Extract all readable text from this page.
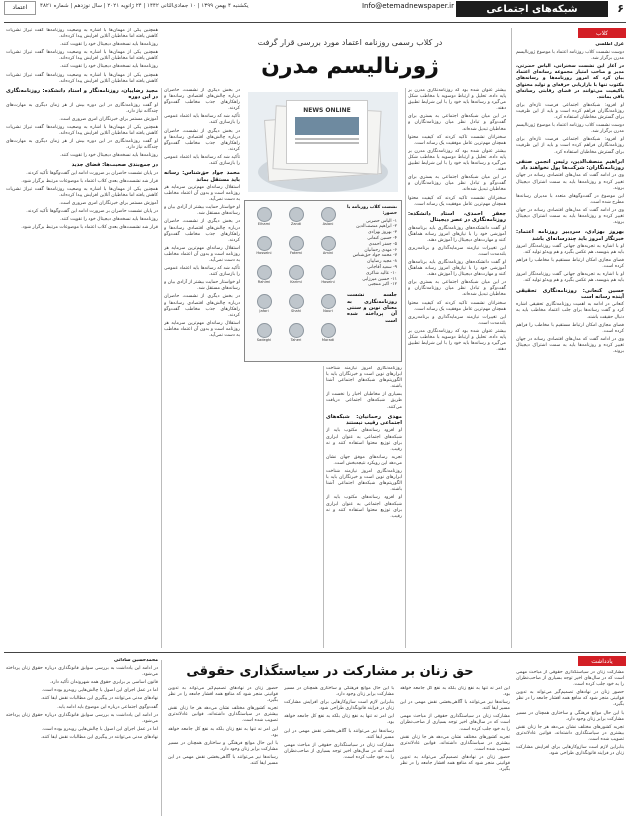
۶
شبکه‌های اجتماعی
Info@etemadnewspaper.ir
یکشنبه ۴ بهمن ۱۳۹۹ | ۱۰ جمادی‌الثانی ۱۴۴۲ | ۲۴ ژانویه ۲۰۲۱ | سال نوزدهم | شماره ۴۸۲۱
اعتماد
کلاب

غزل اطلسی

دوست نشست کلاب روزنامه اعتماد با موضوع ژورنالیسم مدرن برگزار شد.

در آغاز این نشست سخنرانی، الیاس حضرتی، مدیر و صاحب امتیاز مجموعه رسانه‌ای اعتماد بیان کرد که امروز روزنامه‌ها و رسانه‌های مکتوب تنها با بازاریابی حرفه‌ای و تولید محتوای باکیفیت می‌توانند در فضای رقابتی رسانه‌ای باقی بمانند.

او افزود: شبکه‌های اجتماعی فرصت تازه‌ای برای روزنامه‌نگاران فراهم کرده است و باید از این ظرفیت برای گسترش مخاطبان استفاده کرد.

دوست نشست کلاب روزنامه اعتماد با موضوع ژورنالیسم مدرن برگزار شد.

او افزود: شبکه‌های اجتماعی فرصت تازه‌ای برای روزنامه‌نگاران فراهم کرده است و باید از این ظرفیت برای گسترش مخاطبان استفاده کرد.

ابراهیم منصف‌الدین، رئیس انجمن صنفی روزنامه‌نگاران: شرکت‌ها پول نخواهند داد

وی در ادامه گفت که مدل‌های اقتصادی رسانه در جهان تغییر کرده و روزنامه‌ها باید به سمت اشتراک دیجیتال بروند.

این موضوع در گفت‌وگوهای متعدد با مدیران رسانه‌ها مطرح شده است.

وی در ادامه گفت که مدل‌های اقتصادی رسانه در جهان تغییر کرده و روزنامه‌ها باید به سمت اشتراک دیجیتال بروند.

بهروز بهزادی، سردبیر روزنامه اعتماد: خبرنگار امروز باید چندرسانه‌ای باشد

او با اشاره به تجربه‌های جهانی گفت روزنامه‌نگار امروز باید هم بنویسد، هم عکس بگیرد و هم ویدئو تولید کند.

فضای مجازی امکان ارتباط مستقیم با مخاطب را فراهم کرده است.

او با اشاره به تجربه‌های جهانی گفت روزنامه‌نگار امروز باید هم بنویسد، هم عکس بگیرد و هم ویدئو تولید کند.

حسین کنعانی: روزنامه‌نگاری تحقیقی آینده رسانه است

کنعانی در ادامه به اهمیت روزنامه‌نگاری تحقیقی اشاره کرد و گفت رسانه‌ها برای جلب اعتماد مخاطب باید به دنبال حقیقت باشند.

فضای مجازی امکان ارتباط مستقیم با مخاطب را فراهم کرده است.

وی در ادامه گفت که مدل‌های اقتصادی رسانه در جهان تغییر کرده و روزنامه‌ها باید به سمت اشتراک دیجیتال بروند.

در کلاب رسمی روزنامه اعتماد مورد بررسی قرار گرفت
ژورنالیسم مدرن
NEWS ONLINE

بیشتر عنوان شده بود که روزنامه‌نگاری مدرن بر پایه داده، تحلیل و ارتباط دوسویه با مخاطب شکل می‌گیرد و رسانه‌ها باید خود را با این شرایط تطبیق دهند.

در این میان شبکه‌های اجتماعی به بستری برای گفت‌وگو و تبادل نظر میان روزنامه‌نگاران و مخاطبان تبدیل شده‌اند.

سخنرانان نشست تاکید کردند که کیفیت محتوا همچنان مهم‌ترین عامل موفقیت یک رسانه است.

بیشتر عنوان شده بود که روزنامه‌نگاری مدرن بر پایه داده، تحلیل و ارتباط دوسویه با مخاطب شکل می‌گیرد و رسانه‌ها باید خود را با این شرایط تطبیق دهند.

در این میان شبکه‌های اجتماعی به بستری برای گفت‌وگو و تبادل نظر میان روزنامه‌نگاران و مخاطبان تبدیل شده‌اند.

سخنرانان نشست تاکید کردند که کیفیت محتوا همچنان مهم‌ترین عامل موفقیت یک رسانه است.

جعفر احمدی، استاد دانشکده: روزنامه‌نگاری در عصر دیجیتال

او گفت دانشکده‌های روزنامه‌نگاری باید برنامه‌های آموزشی خود را با نیازهای امروز رسانه هماهنگ کنند و مهارت‌های دیجیتال را آموزش دهند.

این تغییرات نیازمند سرمایه‌گذاری و برنامه‌ریزی بلندمدت است.

او گفت دانشکده‌های روزنامه‌نگاری باید برنامه‌های آموزشی خود را با نیازهای امروز رسانه هماهنگ کنند و مهارت‌های دیجیتال را آموزش دهند.

در این میان شبکه‌های اجتماعی به بستری برای گفت‌وگو و تبادل نظر میان روزنامه‌نگاران و مخاطبان تبدیل شده‌اند.

سخنرانان نشست تاکید کردند که کیفیت محتوا همچنان مهم‌ترین عامل موفقیت یک رسانه است.

این تغییرات نیازمند سرمایه‌گذاری و برنامه‌ریزی بلندمدت است.

بیشتر عنوان شده بود که روزنامه‌نگاری مدرن بر پایه داده، تحلیل و ارتباط دوسویه با مخاطب شکل می‌گیرد و رسانه‌ها باید خود را با این شرایط تطبیق دهند.

نشست کلاب روزنامه با حضور:

۱- الیاس حضرتی
۲- ابراهیم منصف‌الدین
۳- بهروز بهزادی
۴- حسین کنعانی
۵- جعفر احمدی
۶- مهدی رحمانیان
۷- محمد جواد حق‌شناس
۸- مجید رضاییان
۹- سعید آقاجانی
۱۰- عالیه شاکری
۱۱- حسین میرزایی
۱۲- اکبر منتجبی
جلسه نشست روزنامه‌نگاری به معنای نوین و سنتی آن پرداخته شده است
Elhami	Zandi	Aslani
Hosseini	Fatemi	Amini
Rahimi	Karimi	Hoseini
Jafari	Shahi	Nouri
Sadeghi	Taheri	Moradi

روزنامه‌نگاری امروز نیازمند شناخت ابزارهای نوین است و خبرنگاران باید با الگوریتم‌های شبکه‌های اجتماعی آشنا باشند.

بسیاری از مخاطبان اخبار را نخست از طریق شبکه‌های اجتماعی دریافت می‌کنند.

مهدی رحمانیان: شبکه‌های اجتماعی رقیب نیستند

او افزود رسانه‌های مکتوب باید از شبکه‌های اجتماعی به عنوان ابزاری برای توزیع محتوا استفاده کنند و نه رقیب.

تجربه رسانه‌های موفق جهان نشان می‌دهد این رویکرد نتیجه‌بخش است.

روزنامه‌نگاری امروز نیازمند شناخت ابزارهای نوین است و خبرنگاران باید با الگوریتم‌های شبکه‌های اجتماعی آشنا باشند.

او افزود رسانه‌های مکتوب باید از شبکه‌های اجتماعی به عنوان ابزاری برای توزیع محتوا استفاده کنند و نه رقیب.

در بخش دیگری از نشست، حاضران درباره چالش‌های اقتصادی رسانه‌ها و راهکارهای جذب مخاطب گفت‌وگو کردند.

تأکید شد که رسانه‌ها باید اعتماد عمومی را بازسازی کنند.

در بخش دیگری از نشست، حاضران درباره چالش‌های اقتصادی رسانه‌ها و راهکارهای جذب مخاطب گفت‌وگو کردند.

تأکید شد که رسانه‌ها باید اعتماد عمومی را بازسازی کنند.

محمد جواد حق‌شناس: رسانه باید مستقل بماند

استقلال رسانه‌ای مهم‌ترین سرمایه هر روزنامه است و بدون آن اعتماد مخاطب به دست نمی‌آید.

او خواستار حمایت بیشتر از آزادی بیان و رسانه‌های مستقل شد.

در بخش دیگری از نشست، حاضران درباره چالش‌های اقتصادی رسانه‌ها و راهکارهای جذب مخاطب گفت‌وگو کردند.

استقلال رسانه‌ای مهم‌ترین سرمایه هر روزنامه است و بدون آن اعتماد مخاطب به دست نمی‌آید.

تأکید شد که رسانه‌ها باید اعتماد عمومی را بازسازی کنند.

او خواستار حمایت بیشتر از آزادی بیان و رسانه‌های مستقل شد.

در بخش دیگری از نشست، حاضران درباره چالش‌های اقتصادی رسانه‌ها و راهکارهای جذب مخاطب گفت‌وگو کردند.

استقلال رسانه‌ای مهم‌ترین سرمایه هر روزنامه است و بدون آن اعتماد مخاطب به دست نمی‌آید.

همچنین یکی از مهمان‌ها با اشاره به وضعیت روزنامه‌ها گفت تیراژ نشریات کاهش یافته اما مخاطبان آنلاین افزایش پیدا کرده‌اند.

روزنامه‌ها باید نسخه‌های دیجیتال خود را تقویت کنند.

همچنین یکی از مهمان‌ها با اشاره به وضعیت روزنامه‌ها گفت تیراژ نشریات کاهش یافته اما مخاطبان آنلاین افزایش پیدا کرده‌اند.

روزنامه‌ها باید نسخه‌های دیجیتال خود را تقویت کنند.

همچنین یکی از مهمان‌ها با اشاره به وضعیت روزنامه‌ها گفت تیراژ نشریات کاهش یافته اما مخاطبان آنلاین افزایش پیدا کرده‌اند.

مجید رضاییان، روزنامه‌نگار و استاد دانشکده: روزنامه‌نگاری در این دوره

او گفت روزنامه‌نگاری در این دوره بیش از هر زمان دیگری به مهارت‌های چندگانه نیاز دارد.

آموزش مستمر برای خبرنگاران امری ضروری است.

همچنین یکی از مهمان‌ها با اشاره به وضعیت روزنامه‌ها گفت تیراژ نشریات کاهش یافته اما مخاطبان آنلاین افزایش پیدا کرده‌اند.

او گفت روزنامه‌نگاری در این دوره بیش از هر زمان دیگری به مهارت‌های چندگانه نیاز دارد.

روزنامه‌ها باید نسخه‌های دیجیتال خود را تقویت کنند.

در جمع‌بندی صحبت‌ها: فضای جدید

در پایان نشست حاضران بر ضرورت ادامه این گفت‌وگوها تأکید کردند.

قرار شد نشست‌های بعدی کلاب اعتماد با موضوعات مرتبط برگزار شود.

همچنین یکی از مهمان‌ها با اشاره به وضعیت روزنامه‌ها گفت تیراژ نشریات کاهش یافته اما مخاطبان آنلاین افزایش پیدا کرده‌اند.

آموزش مستمر برای خبرنگاران امری ضروری است.

در پایان نشست حاضران بر ضرورت ادامه این گفت‌وگوها تأکید کردند.

روزنامه‌ها باید نسخه‌های دیجیتال خود را تقویت کنند.

قرار شد نشست‌های بعدی کلاب اعتماد با موضوعات مرتبط برگزار شود.

یادداشت
حق زنان بر مشارکت در سیاستگذاری حقوقی	مشارکت زنان در سیاستگذاری حقوقی از مباحث مهمی است که در سال‌های اخیر توجه بسیاری از صاحب‌نظران را به خود جلب کرده است.

حضور زنان در نهادهای تصمیم‌گیر می‌تواند به تدوین قوانینی منجر شود که منافع همه اقشار جامعه را در نظر بگیرد.

با این حال موانع فرهنگی و ساختاری همچنان در مسیر مشارکت برابر زنان وجود دارد.

تجربه کشورهای مختلف نشان می‌دهد هر جا زنان نقش بیشتری در سیاستگذاری داشته‌اند، قوانین عادلانه‌تری تصویب شده است.

بنابراین لازم است سازوکارهایی برای افزایش مشارکت زنان در فرایند قانونگذاری طراحی شود.

این امر نه تنها به نفع زنان بلکه به نفع کل جامعه خواهد بود.

رسانه‌ها نیز می‌توانند با آگاهی‌بخشی نقش مهمی در این مسیر ایفا کنند.

مشارکت زنان در سیاستگذاری حقوقی از مباحث مهمی است که در سال‌های اخیر توجه بسیاری از صاحب‌نظران را به خود جلب کرده است.

تجربه کشورهای مختلف نشان می‌دهد هر جا زنان نقش بیشتری در سیاستگذاری داشته‌اند، قوانین عادلانه‌تری تصویب شده است.

حضور زنان در نهادهای تصمیم‌گیر می‌تواند به تدوین قوانینی منجر شود که منافع همه اقشار جامعه را در نظر بگیرد.

با این حال موانع فرهنگی و ساختاری همچنان در مسیر مشارکت برابر زنان وجود دارد.

بنابراین لازم است سازوکارهایی برای افزایش مشارکت زنان در فرایند قانونگذاری طراحی شود.

این امر نه تنها به نفع زنان بلکه به نفع کل جامعه خواهد بود.

رسانه‌ها نیز می‌توانند با آگاهی‌بخشی نقش مهمی در این مسیر ایفا کنند.

مشارکت زنان در سیاستگذاری حقوقی از مباحث مهمی است که در سال‌های اخیر توجه بسیاری از صاحب‌نظران را به خود جلب کرده است.

حضور زنان در نهادهای تصمیم‌گیر می‌تواند به تدوین قوانینی منجر شود که منافع همه اقشار جامعه را در نظر بگیرد.

تجربه کشورهای مختلف نشان می‌دهد هر جا زنان نقش بیشتری در سیاستگذاری داشته‌اند، قوانین عادلانه‌تری تصویب شده است.

این امر نه تنها به نفع زنان بلکه به نفع کل جامعه خواهد بود.

با این حال موانع فرهنگی و ساختاری همچنان در مسیر مشارکت برابر زنان وجود دارد.

رسانه‌ها نیز می‌توانند با آگاهی‌بخشی نقش مهمی در این مسیر ایفا کنند.

محمدحسین ساداتی

در ادامه این یادداشت به بررسی سوابق قانونگذاری درباره حقوق زنان پرداخته می‌شود.

قانون اساسی بر برابری حقوق همه شهروندان تأکید دارد.

اما در عمل اجرای این اصول با چالش‌هایی روبه‌رو بوده است.

نهادهای مدنی می‌توانند در پیگیری این مطالبات نقش ایفا کنند.

گفت‌وگوی اجتماعی درباره این موضوع باید ادامه یابد.

در ادامه این یادداشت به بررسی سوابق قانونگذاری درباره حقوق زنان پرداخته می‌شود.

اما در عمل اجرای این اصول با چالش‌هایی روبه‌رو بوده است.

نهادهای مدنی می‌توانند در پیگیری این مطالبات نقش ایفا کنند.
